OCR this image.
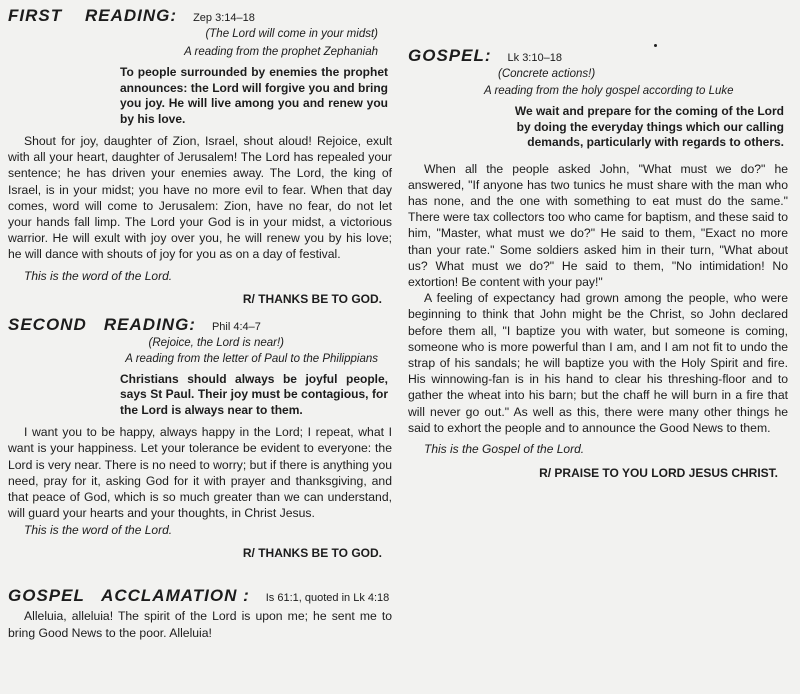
FIRST    READING: Zep 3:14–18
(The Lord will come in your midst)
A reading from the prophet Zephaniah
To people surrounded by enemies the prophet announces: the Lord will forgive you and bring you joy. He will live among you and renew you by his love.

Shout for joy, daughter of Zion, Israel, shout aloud! Rejoice, exult with all your heart, daughter of Jerusalem! The Lord has repealed your sentence; he has driven your enemies away. The Lord, the king of Israel, is in your midst; you have no more evil to fear. When that day comes, word will come to Jerusalem: Zion, have no fear, do not let your hands fall limp. The Lord your God is in your midst, a victorious warrior. He will exult with joy over you, he will renew you by his love; he will dance with shouts of joy for you as on a day of festival.

This is the word of the Lord.
R/ THANKS BE TO GOD.
SECOND   READING: Phil 4:4–7
(Rejoice, the Lord is near!)
A reading from the letter of Paul to the Philippians
Christians should always be joyful people, says St Paul. Their joy must be contagious, for the Lord is always near to them.

I want you to be happy, always happy in the Lord; I repeat, what I want is your happiness. Let your tolerance be evident to everyone: the Lord is very near. There is no need to worry; but if there is anything you need, pray for it, asking God for it with prayer and thanksgiving, and that peace of God, which is so much greater than we can understand, will guard your hearts and your thoughts, in Christ Jesus.

This is the word of the Lord.
R/ THANKS BE TO GOD.
GOSPEL   ACCLAMATION : Is 61:1, quoted in Lk 4:18

Alleluia, alleluia! The spirit of the Lord is upon me; he sent me to bring Good News to the poor. Alleluia!

GOSPEL: Lk 3:10–18
(Concrete actions!)
A reading from the holy gospel according to Luke
We wait and prepare for the coming of the Lord by doing the everyday things which our calling demands, particularly with regards to others.

When all the people asked John, "What must we do?" he answered, "If anyone has two tunics he must share with the man who has none, and the one with something to eat must do the same." There were tax collectors too who came for baptism, and these said to him, "Master, what must we do?" He said to them, "Exact no more than your rate." Some soldiers asked him in their turn, "What about us? What must we do?" He said to them, "No intimidation! No extortion! Be content with your pay!"

A feeling of expectancy had grown among the people, who were beginning to think that John might be the Christ, so John declared before them all, "I baptize you with water, but someone is coming, someone who is more powerful than I am, and I am not fit to undo the strap of his sandals; he will baptize you with the Holy Spirit and fire. His winnowing-fan is in his hand to clear his threshing-floor and to gather the wheat into his barn; but the chaff he will burn in a fire that will never go out." As well as this, there were many other things he said to exhort the people and to announce the Good News to them.

This is the Gospel of the Lord.
R/ PRAISE TO YOU LORD JESUS CHRIST.
